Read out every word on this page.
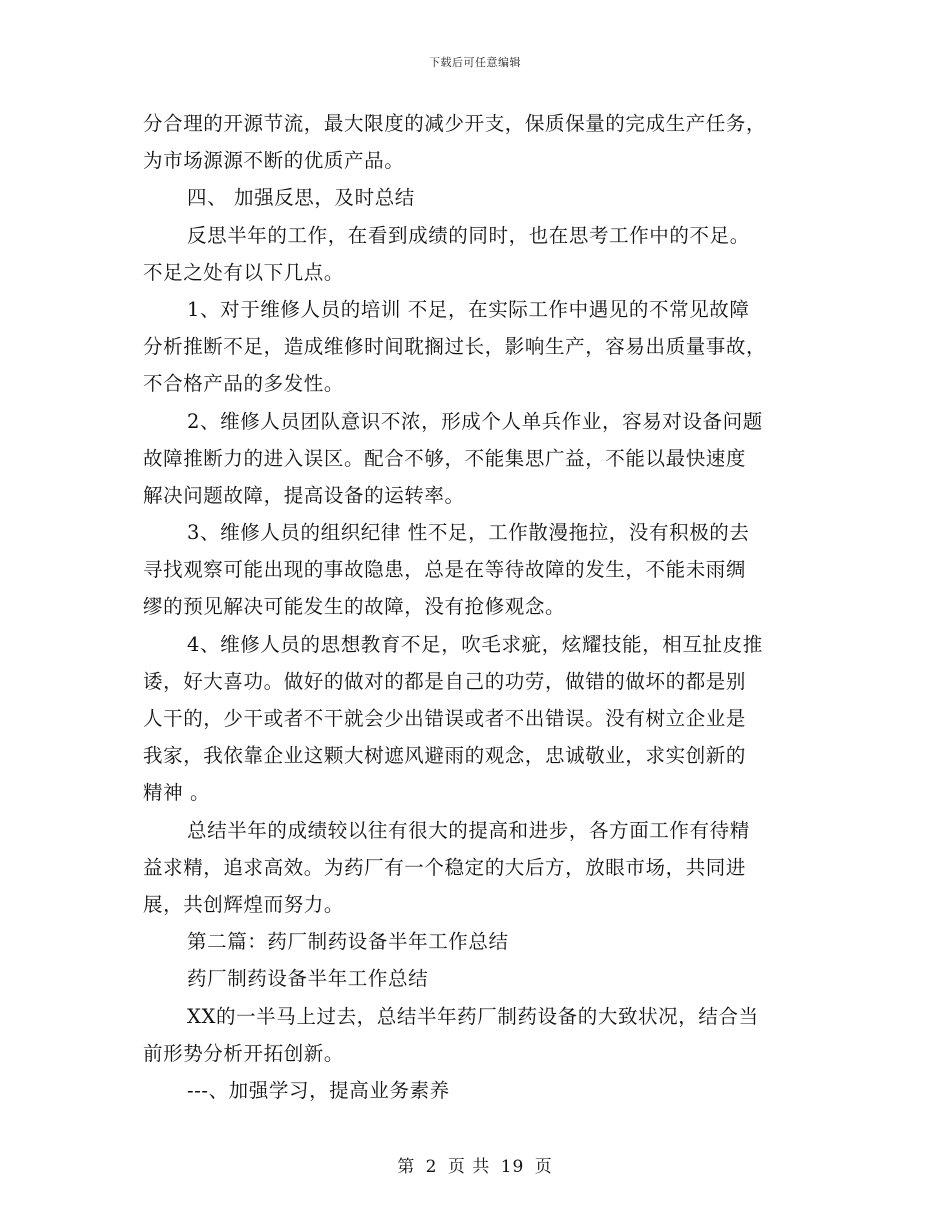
下载后可任意编辑
分合理的开源节流，最大限度的减少开支，保质保量的完成生产任务，
为市场源源不断的优质产品。
四、 加强反思，及时总结
反思半年的工作，在看到成绩的同时，也在思考工作中的不足。
不足之处有以下几点。
1、对于维修人员的培训 不足，在实际工作中遇见的不常见故障
分析推断不足，造成维修时间耽搁过长，影响生产，容易出质量事故，
不合格产品的多发性。
2、维修人员团队意识不浓，形成个人单兵作业，容易对设备问题
故障推断力的进入误区。配合不够，不能集思广益，不能以最快速度
解决问题故障，提高设备的运转率。
3、维修人员的组织纪律 性不足，工作散漫拖拉，没有积极的去
寻找观察可能出现的事故隐患，总是在等待故障的发生，不能未雨绸
缪的预见解决可能发生的故障，没有抢修观念。
4、维修人员的思想教育不足，吹毛求疵，炫耀技能，相互扯皮推
诿，好大喜功。做好的做对的都是自己的功劳，做错的做坏的都是别
人干的，少干或者不干就会少出错误或者不出错误。没有树立企业是
我家，我依靠企业这颗大树遮风避雨的观念，忠诚敬业，求实创新的
精神 。
总结半年的成绩较以往有很大的提高和进步，各方面工作有待精
益求精，追求高效。为药厂有一个稳定的大后方，放眼市场，共同进
展，共创辉煌而努力。
第二篇：药厂制药设备半年工作总结
药厂制药设备半年工作总结
XX的一半马上过去，总结半年药厂制药设备的大致状况，结合当
前形势分析开拓创新。
---、加强学习，提高业务素养
第 2 页 共 19 页
